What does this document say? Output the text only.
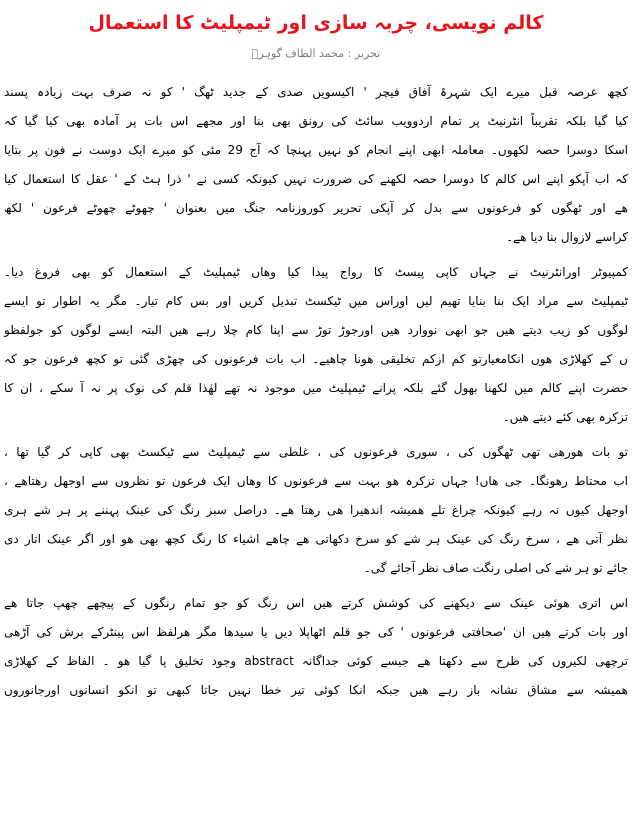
کالم نویسی، چربہ سازی اور ٹیمپلیٹ کا استعمال
تحریر : محمد الطاف گوہرؔ
کچھ عرصہ قبل میرے ایک شہرۂ آفاق فیچر ' اکیسویں صدی کے جدید ٹھگ ' کو نہ صرف بہت زیادہ پسند
کیا گیا بلکہ تقریباً انٹرنیٹ پر تمام اردوویب سائٹ کی رونق بھی بنا اور مجھے اس بات پر آمادہ بھی کیا گیا کہ
اسکا دوسرا حصہ لکھوں۔ معاملہ ابھی اپنے انجام کو نہیں پہنچا کہ آج 29 مئی کو میرے ایک دوست نے فون پر بتایا
کہ اب آپکو اپنے اس کالم کا دوسرا حصہ لکھنے کی ضرورت نہیں کیونکہ کسی نے ' ذرا ہٹ کے ' عقل کا استعمال کیا
ھے اور ٹھگوں کو فرعونوں سے بدل کر آپکی تحریر کوروزنامہ جنگ میں بعنوان ' چھوٹے چھوٹے فرعون ' لکھ
کراسے لازوال بنا دیا ھے۔
کمپیوٹر اورانٹرنیٹ نے جہاں کاپی پیسٹ کا رواج پیدا کیا وھاں ٹیمپلیٹ کے استعمال کو بھی فروغ دیا۔
ٹیمپلیٹ سے مراد ایک بنا بنایا تھیم لیں اوراس میں ٹیکسٹ تبدیل کریں اور بس کام تیار۔ مگر یہ اطوار تو ایسے
لوگوں کو زیب دیتے ھیں جو ابھی نووارد ھیں اورجوڑ توڑ سے اپنا کام چلا رہے ھیں البتہ ایسے لوگوں کو جولفظو
ں کے کھلاڑی ھوں انکامعیارتو کم ازکم تخلیقی ھونا چاھیے۔ اب بات فرعونوں کی چھڑی گئی تو کچھ فرعون جو کہ
حضرت اپنے کالم میں لکھنا بھول گئے بلکہ پرانے ٹیمپلیٹ میں موجود نہ تھے لھٰذا قلم کی نوک پر نہ آ سکے ، ان کا
تزکرہ بھی کئے دیتے ھیں۔
تو بات ھورھی تھی ٹھگوں کی ، سوری فرعونوں کی ، غلطی سے ٹیمپلیٹ سے ٹیکسٹ بھی کاپی کر گیا تھا ،
اب محتاط رھونگا۔ جی ھاں! جہاں تزکرہ ھو بہت سے فرعونوں کا وھاں ایک فرعون تو نظروں سے اوجھل رھتاھے ،
اوجھل کیوں نہ رہے کیونکہ چراغ تلے ھمیشہ اندھیرا ھی رھتا ھے۔ دراصل سبز رنگ کی عینک پہننے پر ہر شے ہری
نظر آتی ھے ، سرخ رنگ کی عینک ہر شے کو سرخ دکھاتی ھے چاھے اشیاء کا رنگ کچھ بھی ھو اور اگر عینک اتار دی
جائے تو ہر شے کی اصلی رنگت صاف نظر آجائے گی۔
اس اتری ھوئی عینک سے دیکھنے کی کوشش کرتے ھیں اس رنگ کو جو تمام رنگوں کے پیچھے چھپ جاتا ھے
اور بات کرتے ھیں ان 'صحافتی فرعونوں ' کی جو قلم اٹھاپلا دیں یا سیدھا مگر ھرلفظ اس پینٹرکے برش کی آڑھی
ترچھی لکیروں کی طرح سے دکھتا ھے جیسے کوئی جداگانہ abstract وجود تخلیق پا گیا ھو ۔ الفاظ کے کھلاڑی
ھمیشہ سے مشاق نشانہ باز رہے ھیں جبکہ انکا کوئی تیر خطا نہیں جاتا کبھی تو انکو انسانوں اورجانوروں
